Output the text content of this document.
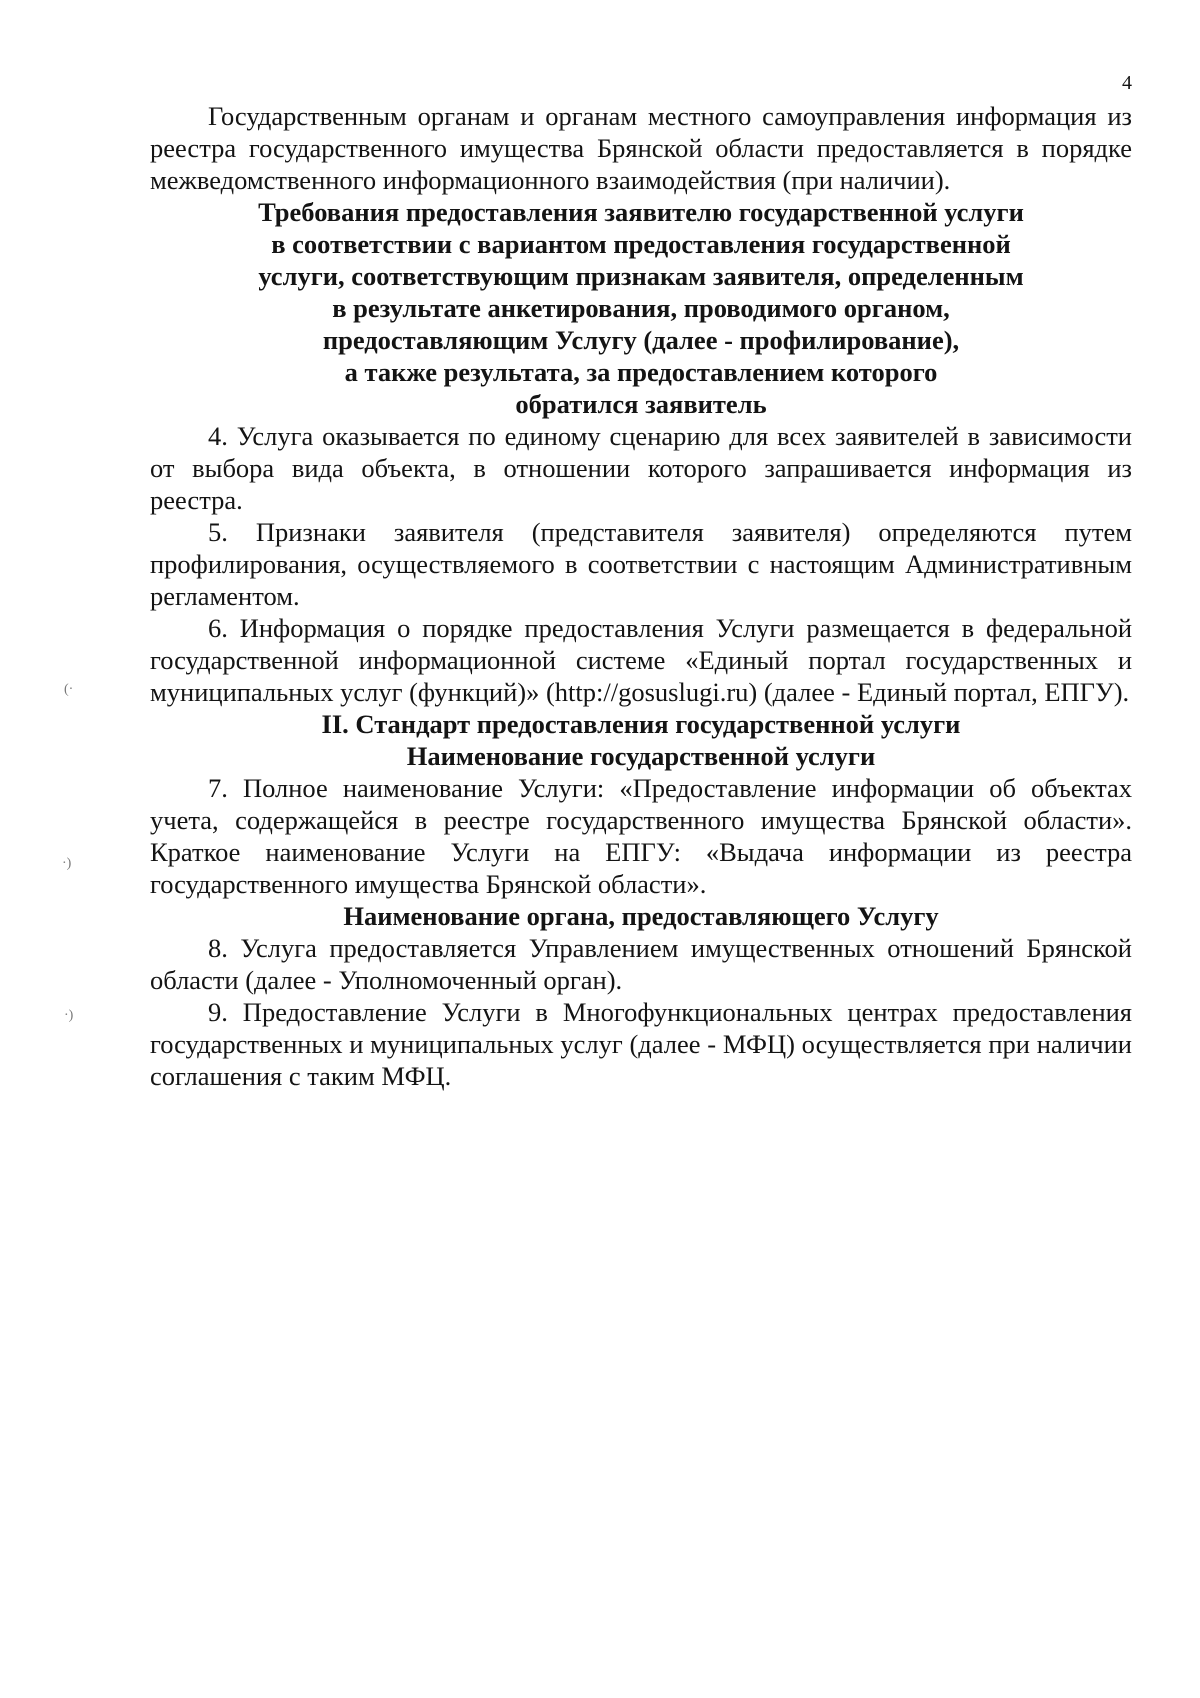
4
(·
·)
·)

Государственным органам и органам местного самоуправления информация из реестра государственного имущества Брянской области предоставляется в порядке межведомственного информационного взаимодействия (при наличии).

Требования предоставления заявителю государственной услуги
в соответствии с вариантом предоставления государственной
услуги, соответствующим признакам заявителя, определенным
в результате анкетирования, проводимого органом,
предоставляющим Услугу (далее - профилирование),
а также результата, за предоставлением которого
обратился заявитель

4. Услуга оказывается по единому сценарию для всех заявителей в зависимости от выбора вида объекта, в отношении которого запрашивается информация из реестра.

5. Признаки заявителя (представителя заявителя) определяются путем профилирования, осуществляемого в соответствии с настоящим Административным регламентом.

6. Информация о порядке предоставления Услуги размещается в федеральной государственной информационной системе «Единый портал государственных и муниципальных услуг (функций)» (http://gosuslugi.ru) (далее - Единый портал, ЕПГУ).

II. Стандарт предоставления государственной услуги
Наименование государственной услуги

7. Полное наименование Услуги: «Предоставление информации об объектах учета, содержащейся в реестре государственного имущества Брянской области». Краткое наименование Услуги на ЕПГУ: «Выдача информации из реестра государственного имущества Брянской области».

Наименование органа, предоставляющего Услугу

8. Услуга предоставляется Управлением имущественных отношений Брянской области (далее - Уполномоченный орган).

9. Предоставление Услуги в Многофункциональных центрах предоставления государственных и муниципальных услуг (далее - МФЦ) осуществляется при наличии соглашения с таким МФЦ.
